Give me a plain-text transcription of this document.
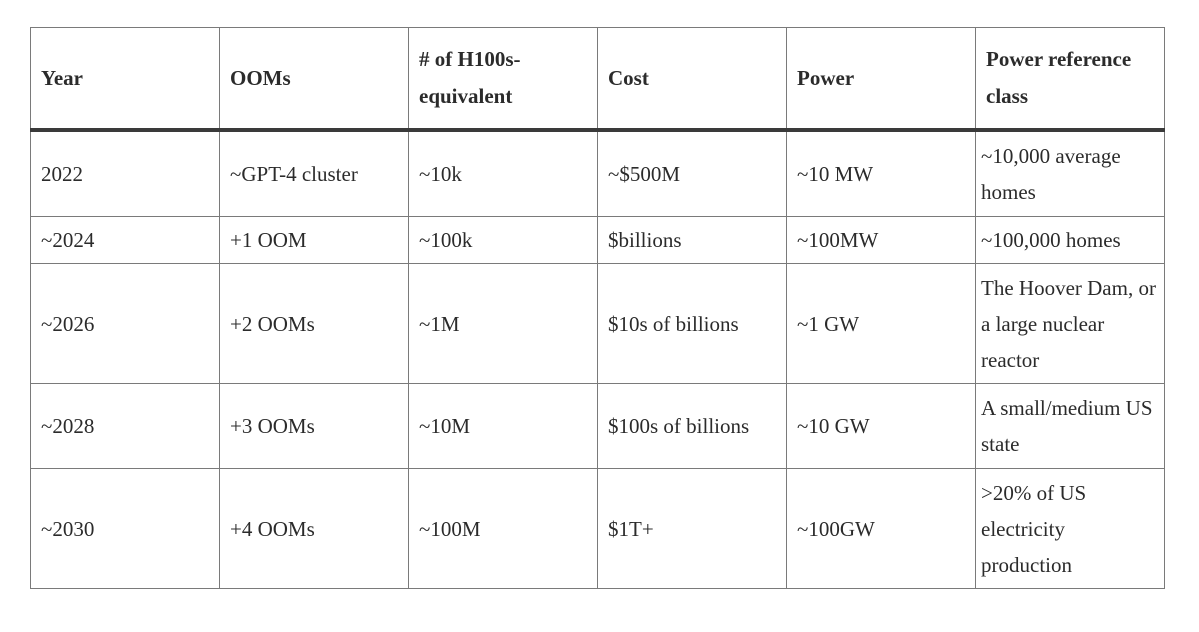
Year	OOMs	# of H100s-equivalent	Cost	Power	Power reference class
2022	~GPT-4 cluster	~10k	~$500M	~10 MW	~10,000 average homes
~2024	+1 OOM	~100k	$billions	~100MW	~100,000 homes
~2026	+2 OOMs	~1M	$10s of billions	~1 GW	The Hoover Dam, or a large nuclear reactor
~2028	+3 OOMs	~10M	$100s of billions	~10 GW	A small/medium US state
~2030	+4 OOMs	~100M	$1T+	~100GW	>20% of US electricity production
